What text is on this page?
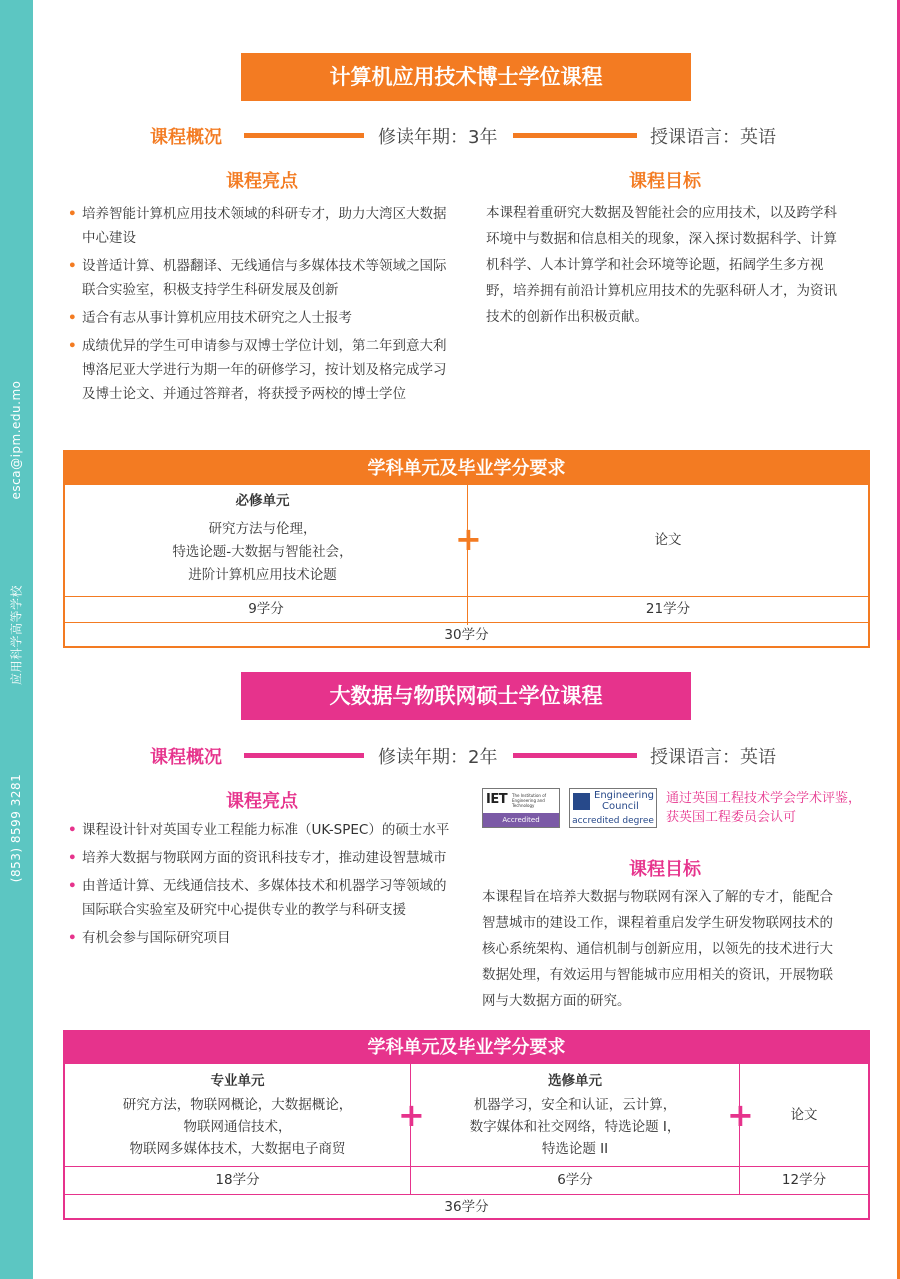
esca@ipm.edu.mo
应用科学高等学校
(853) 8599 3281
计算机应用技术博士学位课程
课程概况	修读年期：3年	授课语言：英语
课程亮点
• 培养智能计算机应用技术领域的科研专才，助力大湾区大数据中心建设
• 设普适计算、机器翻译、无线通信与多媒体技术等领域之国际联合实验室，积极支持学生科研发展及创新
• 适合有志从事计算机应用技术研究之人士报考
• 成绩优异的学生可申请参与双博士学位计划，第二年到意大利博洛尼亚大学进行为期一年的研修学习，按计划及格完成学习及博士论文、并通过答辩者，将获授予两校的博士学位
课程目标

本课程着重研究大数据及智能社会的应用技术，以及跨学科环境中与数据和信息相关的现象，深入探讨数据科学、计算机科学、人本计算学和社会环境等论题，拓阔学生多方视野，培养拥有前沿计算机应用技术的先驱科研人才，为资讯技术的创新作出积极贡献。

学科单元及毕业学分要求
必修单元
研究方法与伦理，
特选论题-大数据与智能社会，
进阶计算机应用技术论题
+	论文
9学分	21学分
30学分
大数据与物联网硕士学位课程
课程概况	修读年期：2年	授课语言：英语
课程亮点
• 课程设计针对英国专业工程能力标准（UK-SPEC）的硕士水平
• 培养大数据与物联网方面的资讯科技专才，推动建设智慧城市
• 由普适计算、无线通信技术、多媒体技术和机器学习等领域的国际联合实验室及研究中心提供专业的教学与科研支援
• 有机会参与国际研究项目
IET The Institution of Engineering and Technology
Accredited Programme
Engineering
Council
accredited degree
通过英国工程技术学会学术评鉴，获英国工程委员会认可
课程目标

本课程旨在培养大数据与物联网有深入了解的专才，能配合智慧城市的建设工作，课程着重启发学生研发物联网技术的核心系统架构、通信机制与创新应用，以领先的技术进行大数据处理，有效运用与智能城市应用相关的资讯，开展物联网与大数据方面的研究。

学科单元及毕业学分要求
专业单元
研究方法，物联网概论，大数据概论，
物联网通信技术，
物联网多媒体技术，大数据电子商贸
+
选修单元
机器学习，安全和认证，云计算，
数字媒体和社交网络，特选论题 I，
特选论题 II
+	论文
18学分	6学分	12学分
36学分
